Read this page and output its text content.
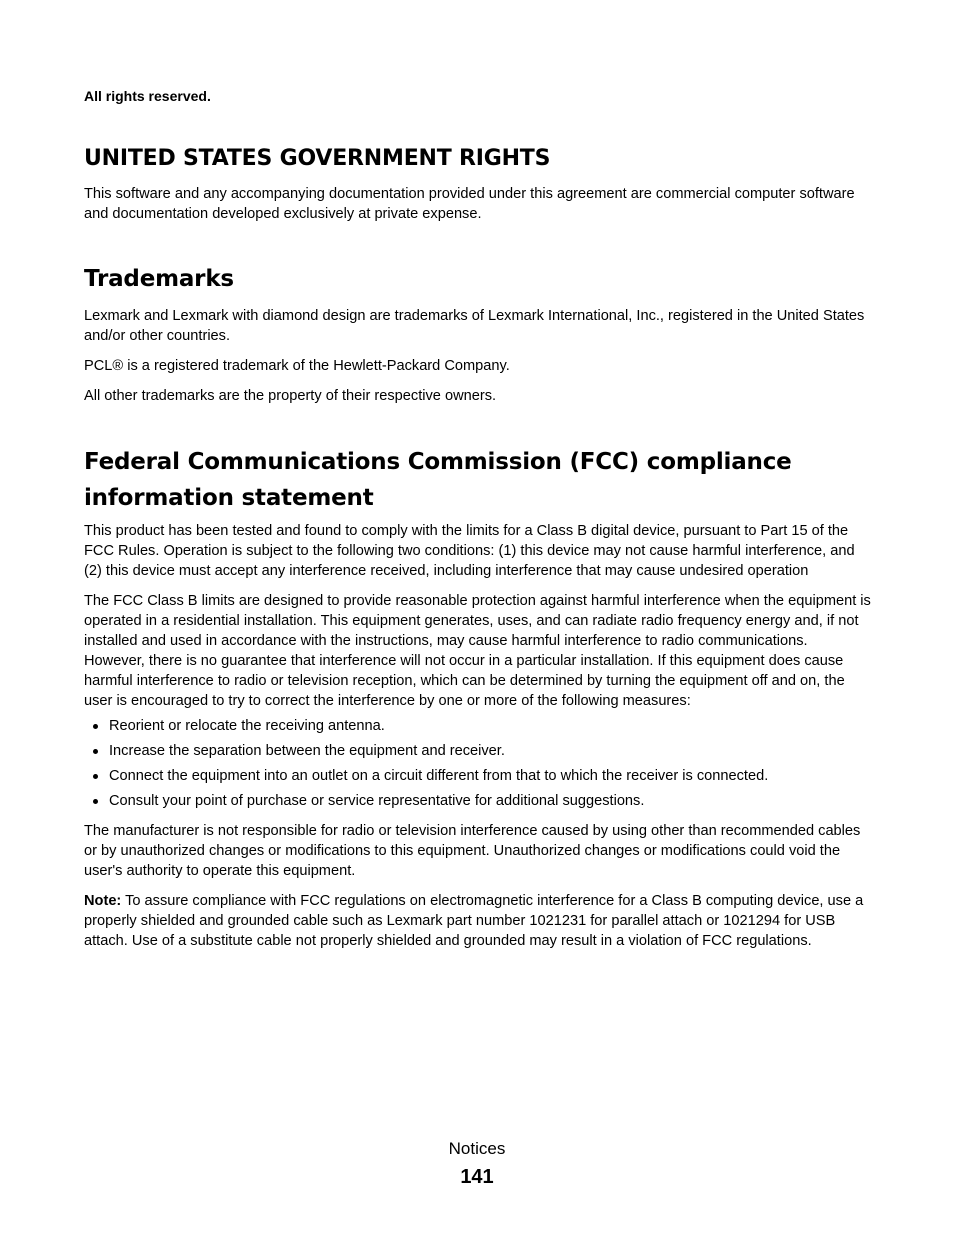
All rights reserved.

UNITED STATES GOVERNMENT RIGHTS

This software and any accompanying documentation provided under this agreement are commercial computer software and documentation developed exclusively at private expense.

Trademarks

Lexmark and Lexmark with diamond design are trademarks of Lexmark International, Inc., registered in the United States and/or other countries.

PCL® is a registered trademark of the Hewlett-Packard Company.

All other trademarks are the property of their respective owners.

Federal Communications Commission (FCC) compliance information statement

This product has been tested and found to comply with the limits for a Class B digital device, pursuant to Part 15 of the FCC Rules. Operation is subject to the following two conditions: (1) this device may not cause harmful interference, and (2) this device must accept any interference received, including interference that may cause undesired operation

The FCC Class B limits are designed to provide reasonable protection against harmful interference when the equipment is operated in a residential installation. This equipment generates, uses, and can radiate radio frequency energy and, if not installed and used in accordance with the instructions, may cause harmful interference to radio communications. However, there is no guarantee that interference will not occur in a particular installation. If this equipment does cause harmful interference to radio or television reception, which can be determined by turning the equipment off and on, the user is encouraged to try to correct the interference by one or more of the following measures:

Reorient or relocate the receiving antenna.
Increase the separation between the equipment and receiver.
Connect the equipment into an outlet on a circuit different from that to which the receiver is connected.
Consult your point of purchase or service representative for additional suggestions.

The manufacturer is not responsible for radio or television interference caused by using other than recommended cables or by unauthorized changes or modifications to this equipment. Unauthorized changes or modifications could void the user's authority to operate this equipment.

Note: To assure compliance with FCC regulations on electromagnetic interference for a Class B computing device, use a properly shielded and grounded cable such as Lexmark part number 1021231 for parallel attach or 1021294 for USB attach. Use of a substitute cable not properly shielded and grounded may result in a violation of FCC regulations.

Notices
141
